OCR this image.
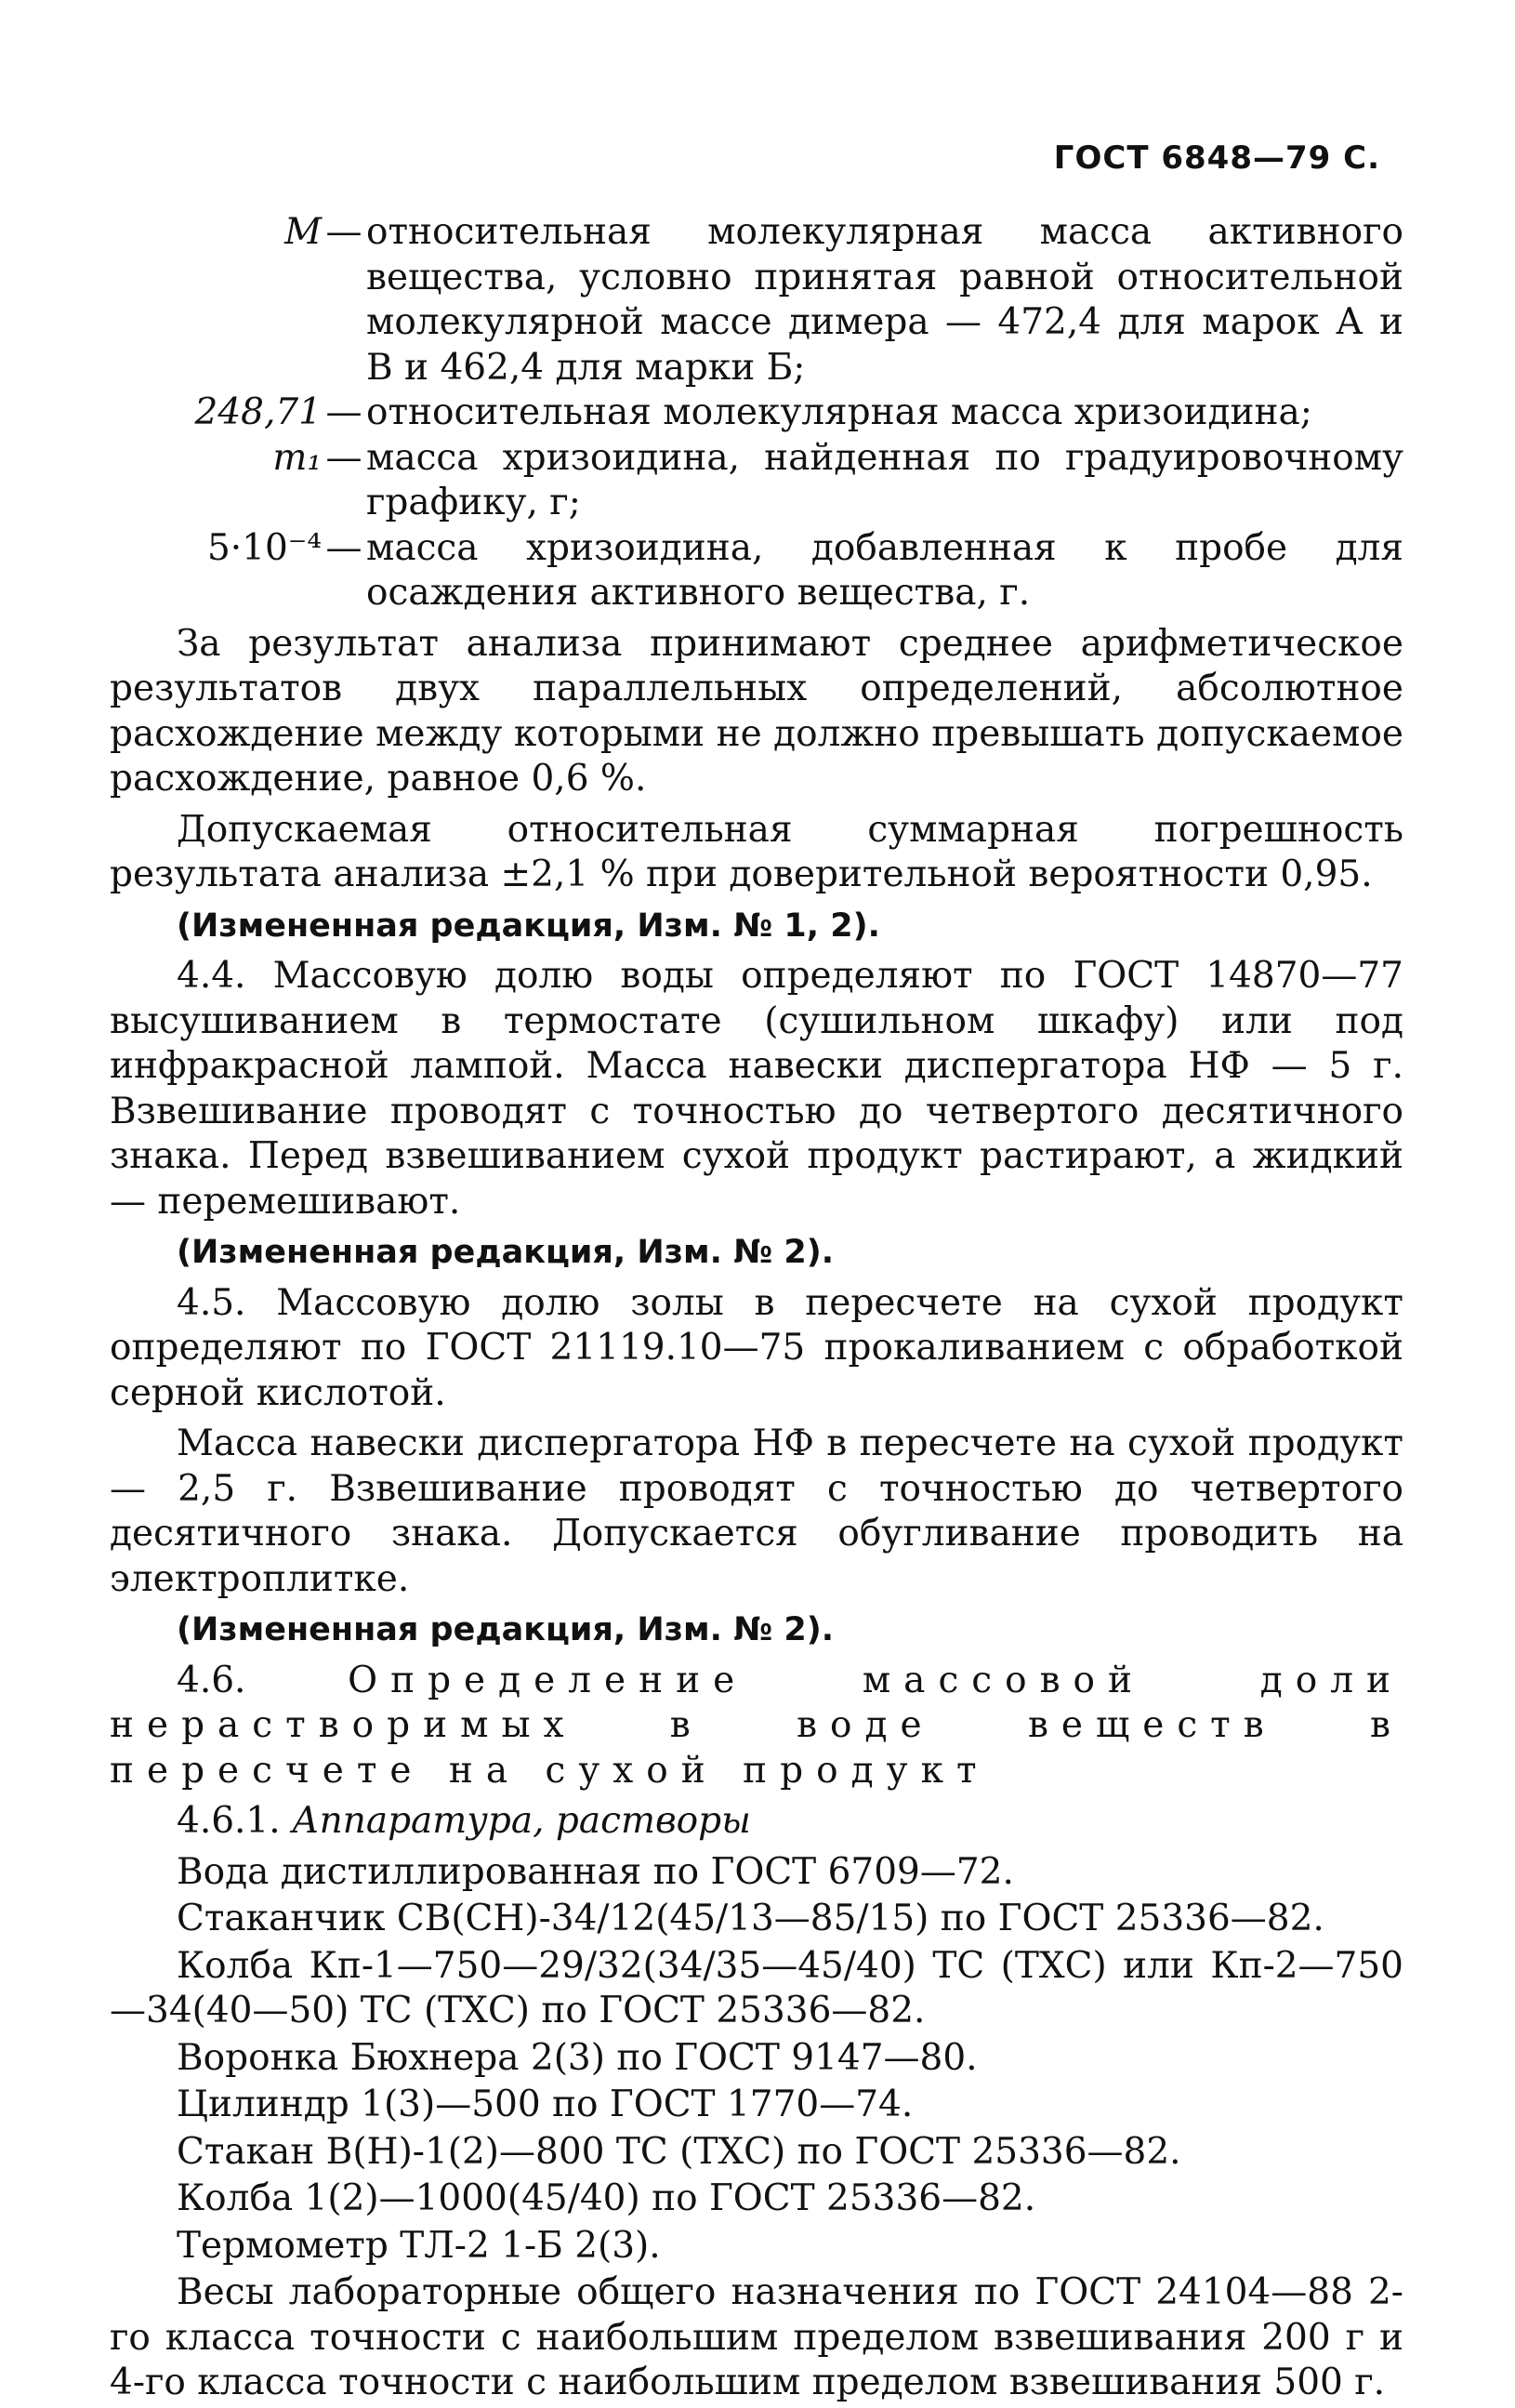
ГОСТ 6848—79 С.
M — относительная молекулярная масса активного вещества, условно принятая равной относительной молекулярной массе димера — 472,4 для марок А и В и 462,4 для марки Б;
248,71 — относительная молекулярная масса хризоидина;
m₁ — масса хризоидина, найденная по градуировочному графику, г;
5·10⁻⁴ — масса хризоидина, добавленная к пробе для осаждения активного вещества, г.

За результат анализа принимают среднее арифметическое результатов двух параллельных определений, абсолютное расхождение между которыми не должно превышать допускаемое расхождение, равное 0,6 %.

Допускаемая относительная суммарная погрешность результата анализа ±2,1 % при доверительной вероятности 0,95.

(Измененная редакция, Изм. № 1, 2).

4.4. Массовую долю воды определяют по ГОСТ 14870—77 высушиванием в термостате (сушильном шкафу) или под инфракрасной лампой. Масса навески диспергатора НФ — 5 г. Взвешивание проводят с точностью до четвертого десятичного знака. Перед взвешиванием сухой продукт растирают, а жидкий — перемешивают.

(Измененная редакция, Изм. № 2).

4.5. Массовую долю золы в пересчете на сухой продукт определяют по ГОСТ 21119.10—75 прокаливанием с обработкой серной кислотой.

Масса навески диспергатора НФ в пересчете на сухой продукт — 2,5 г. Взвешивание проводят с точностью до четвертого десятичного знака. Допускается обугливание проводить на электроплитке.

(Измененная редакция, Изм. № 2).

4.6.	Определение массовой доли нерастворимых в воде веществ в пересчете на сухой продукт

4.6.1. Аппаратура, растворы

Вода дистиллированная по ГОСТ 6709—72.

Стаканчик СВ(СН)-34/12(45/13—85/15) по ГОСТ 25336—82.

Колба Кп-1—750—29/32(34/35—45/40) ТС (ТХС) или Кп-2—750—34(40—50) ТС (ТХС) по ГОСТ 25336—82.

Воронка Бюхнера 2(3) по ГОСТ 9147—80.

Цилиндр 1(3)—500 по ГОСТ 1770—74.

Стакан В(Н)-1(2)—800 ТС (ТХС) по ГОСТ 25336—82.

Колба 1(2)—1000(45/40) по ГОСТ 25336—82.

Термометр ТЛ-2 1-Б 2(3).

Весы лабораторные общего назначения по ГОСТ 24104—88 2-го класса точности с наибольшим пределом взвешивания 200 г и 4-го класса точности с наибольшим пределом взвешивания 500 г.
